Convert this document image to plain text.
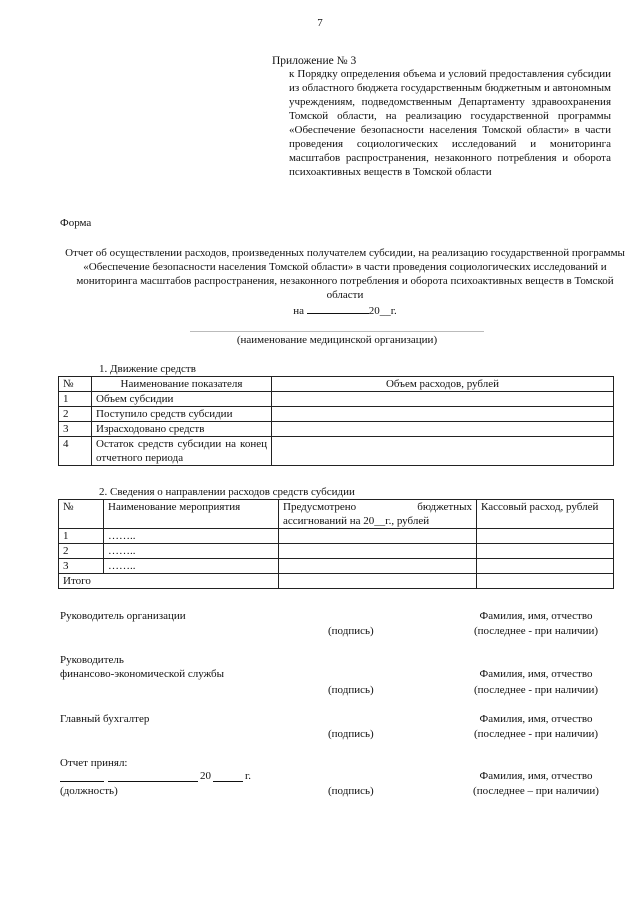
7
Приложение № 3
к Порядку определения объема и условий предоставления субсидии из областного бюджета государственным бюджетным и автономным учреждениям, подведомственным Департаменту здравоохранения Томской области, на реализацию государственной программы «Обеспечение безопасности населения Томской области» в части проведения социологических исследований и мониторинга масштабов распространения, незаконного потребления и оборота психоактивных веществ в Томской области
Форма
Отчет об осуществлении расходов, произведенных получателем субсидии, на реализацию государственной программы «Обеспечение безопасности населения Томской области» в части проведения социологических исследований и мониторинга масштабов распространения, незаконного потребления и оборота психоактивных веществ в Томской области
на	20__г.
(наименование медицинской организации)
1. Движение средств
№	Наименование показателя	Объем расходов, рублей
1	Объем субсидии	
2	Поступило средств субсидии	
3	Израсходовано средств	
4	Остаток средств субсидии на конец отчетного периода	
2. Сведения о направлении расходов средств субсидии
№	Наименование мероприятия	Предусмотрено бюджетных ассигнований на 20__г., рублей	Кассовый расход, рублей
1	……..		
2	……..		
3	……..		
Итого			
Руководитель организации	Фамилия, имя, отчество
(подпись)	(последнее - при наличии)
Руководитель
финансово-экономической службы	Фамилия, имя, отчество
(подпись)	(последнее - при наличии)
Главный бухгалтер	Фамилия, имя, отчество
(подпись)	(последнее - при наличии)
Отчет принял:
20	г.	Фамилия, имя, отчество
(должность)	(подпись)	(последнее – при наличии)
